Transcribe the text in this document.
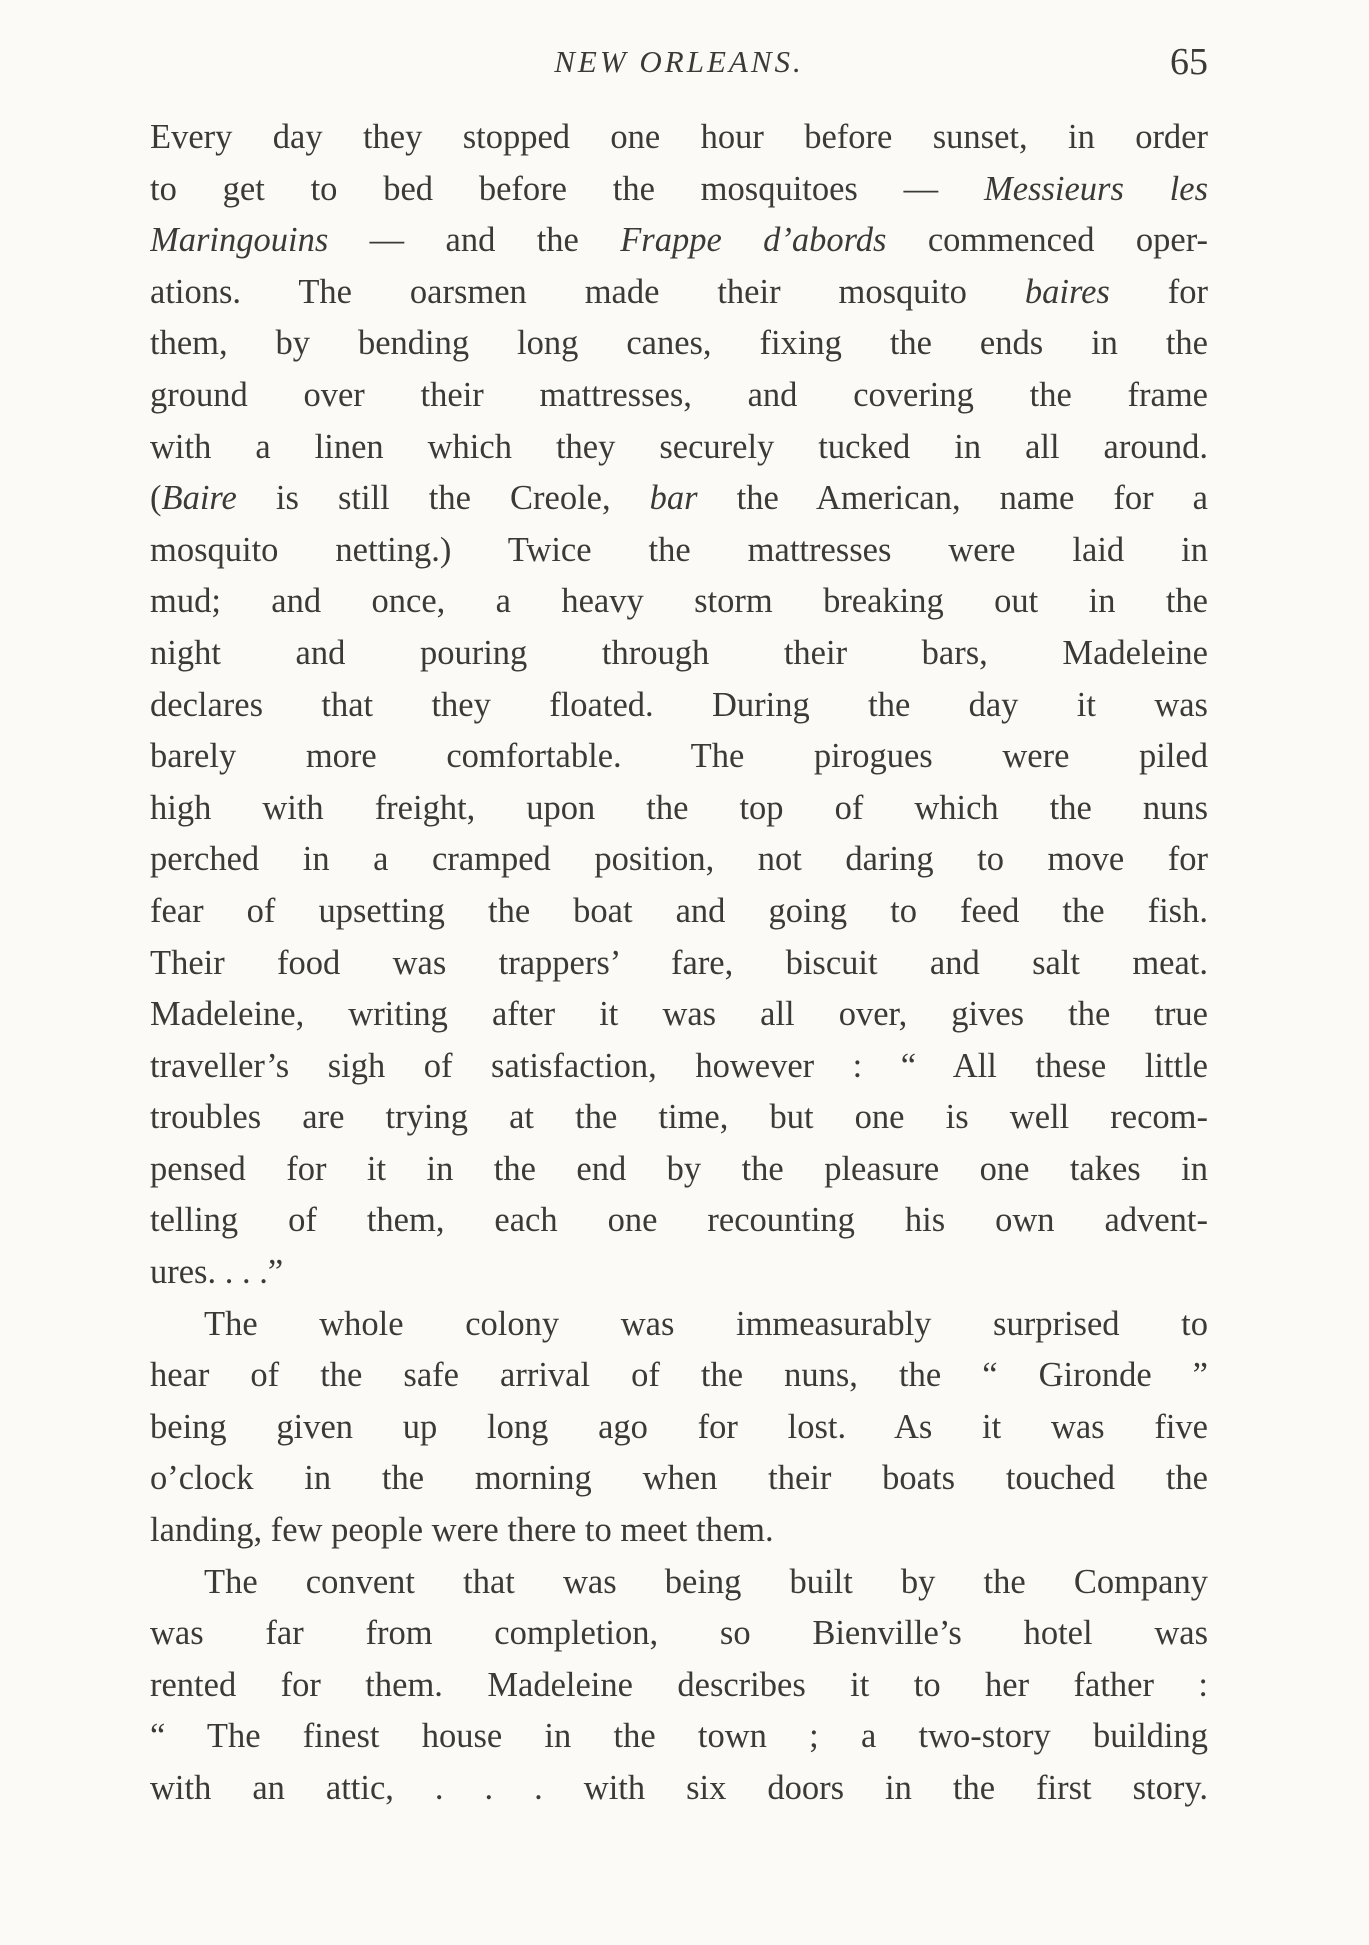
NEW ORLEANS.	65
Every day they stopped one hour before sunset, in order
to get to bed before the mosquitoes — Messieurs les
Maringouins — and the Frappe d’abords commenced oper-
ations. The oarsmen made their mosquito baires for
them, by bending long canes, fixing the ends in the
ground over their mattresses, and covering the frame
with a linen which they securely tucked in all around.
(Baire is still the Creole, bar the American, name for a
mosquito netting.) Twice the mattresses were laid in
mud; and once, a heavy storm breaking out in the
night and pouring through their bars, Madeleine
declares that they floated. During the day it was
barely more comfortable. The pirogues were piled
high with freight, upon the top of which the nuns
perched in a cramped position, not daring to move for
fear of upsetting the boat and going to feed the fish.
Their food was trappers’ fare, biscuit and salt meat.
Madeleine, writing after it was all over, gives the true
traveller’s sigh of satisfaction, however : “ All these little
troubles are trying at the time, but one is well recom-
pensed for it in the end by the pleasure one takes in
telling of them, each one recounting his own advent-
ures. . . .”
The whole colony was immeasurably surprised to
hear of the safe arrival of the nuns, the “ Gironde ”
being given up long ago for lost. As it was five
o’clock in the morning when their boats touched the
landing, few people were there to meet them.
The convent that was being built by the Company
was far from completion, so Bienville’s hotel was
rented for them. Madeleine describes it to her father :
“ The finest house in the town ; a two-story building
with an attic, . . . with six doors in the first story.
